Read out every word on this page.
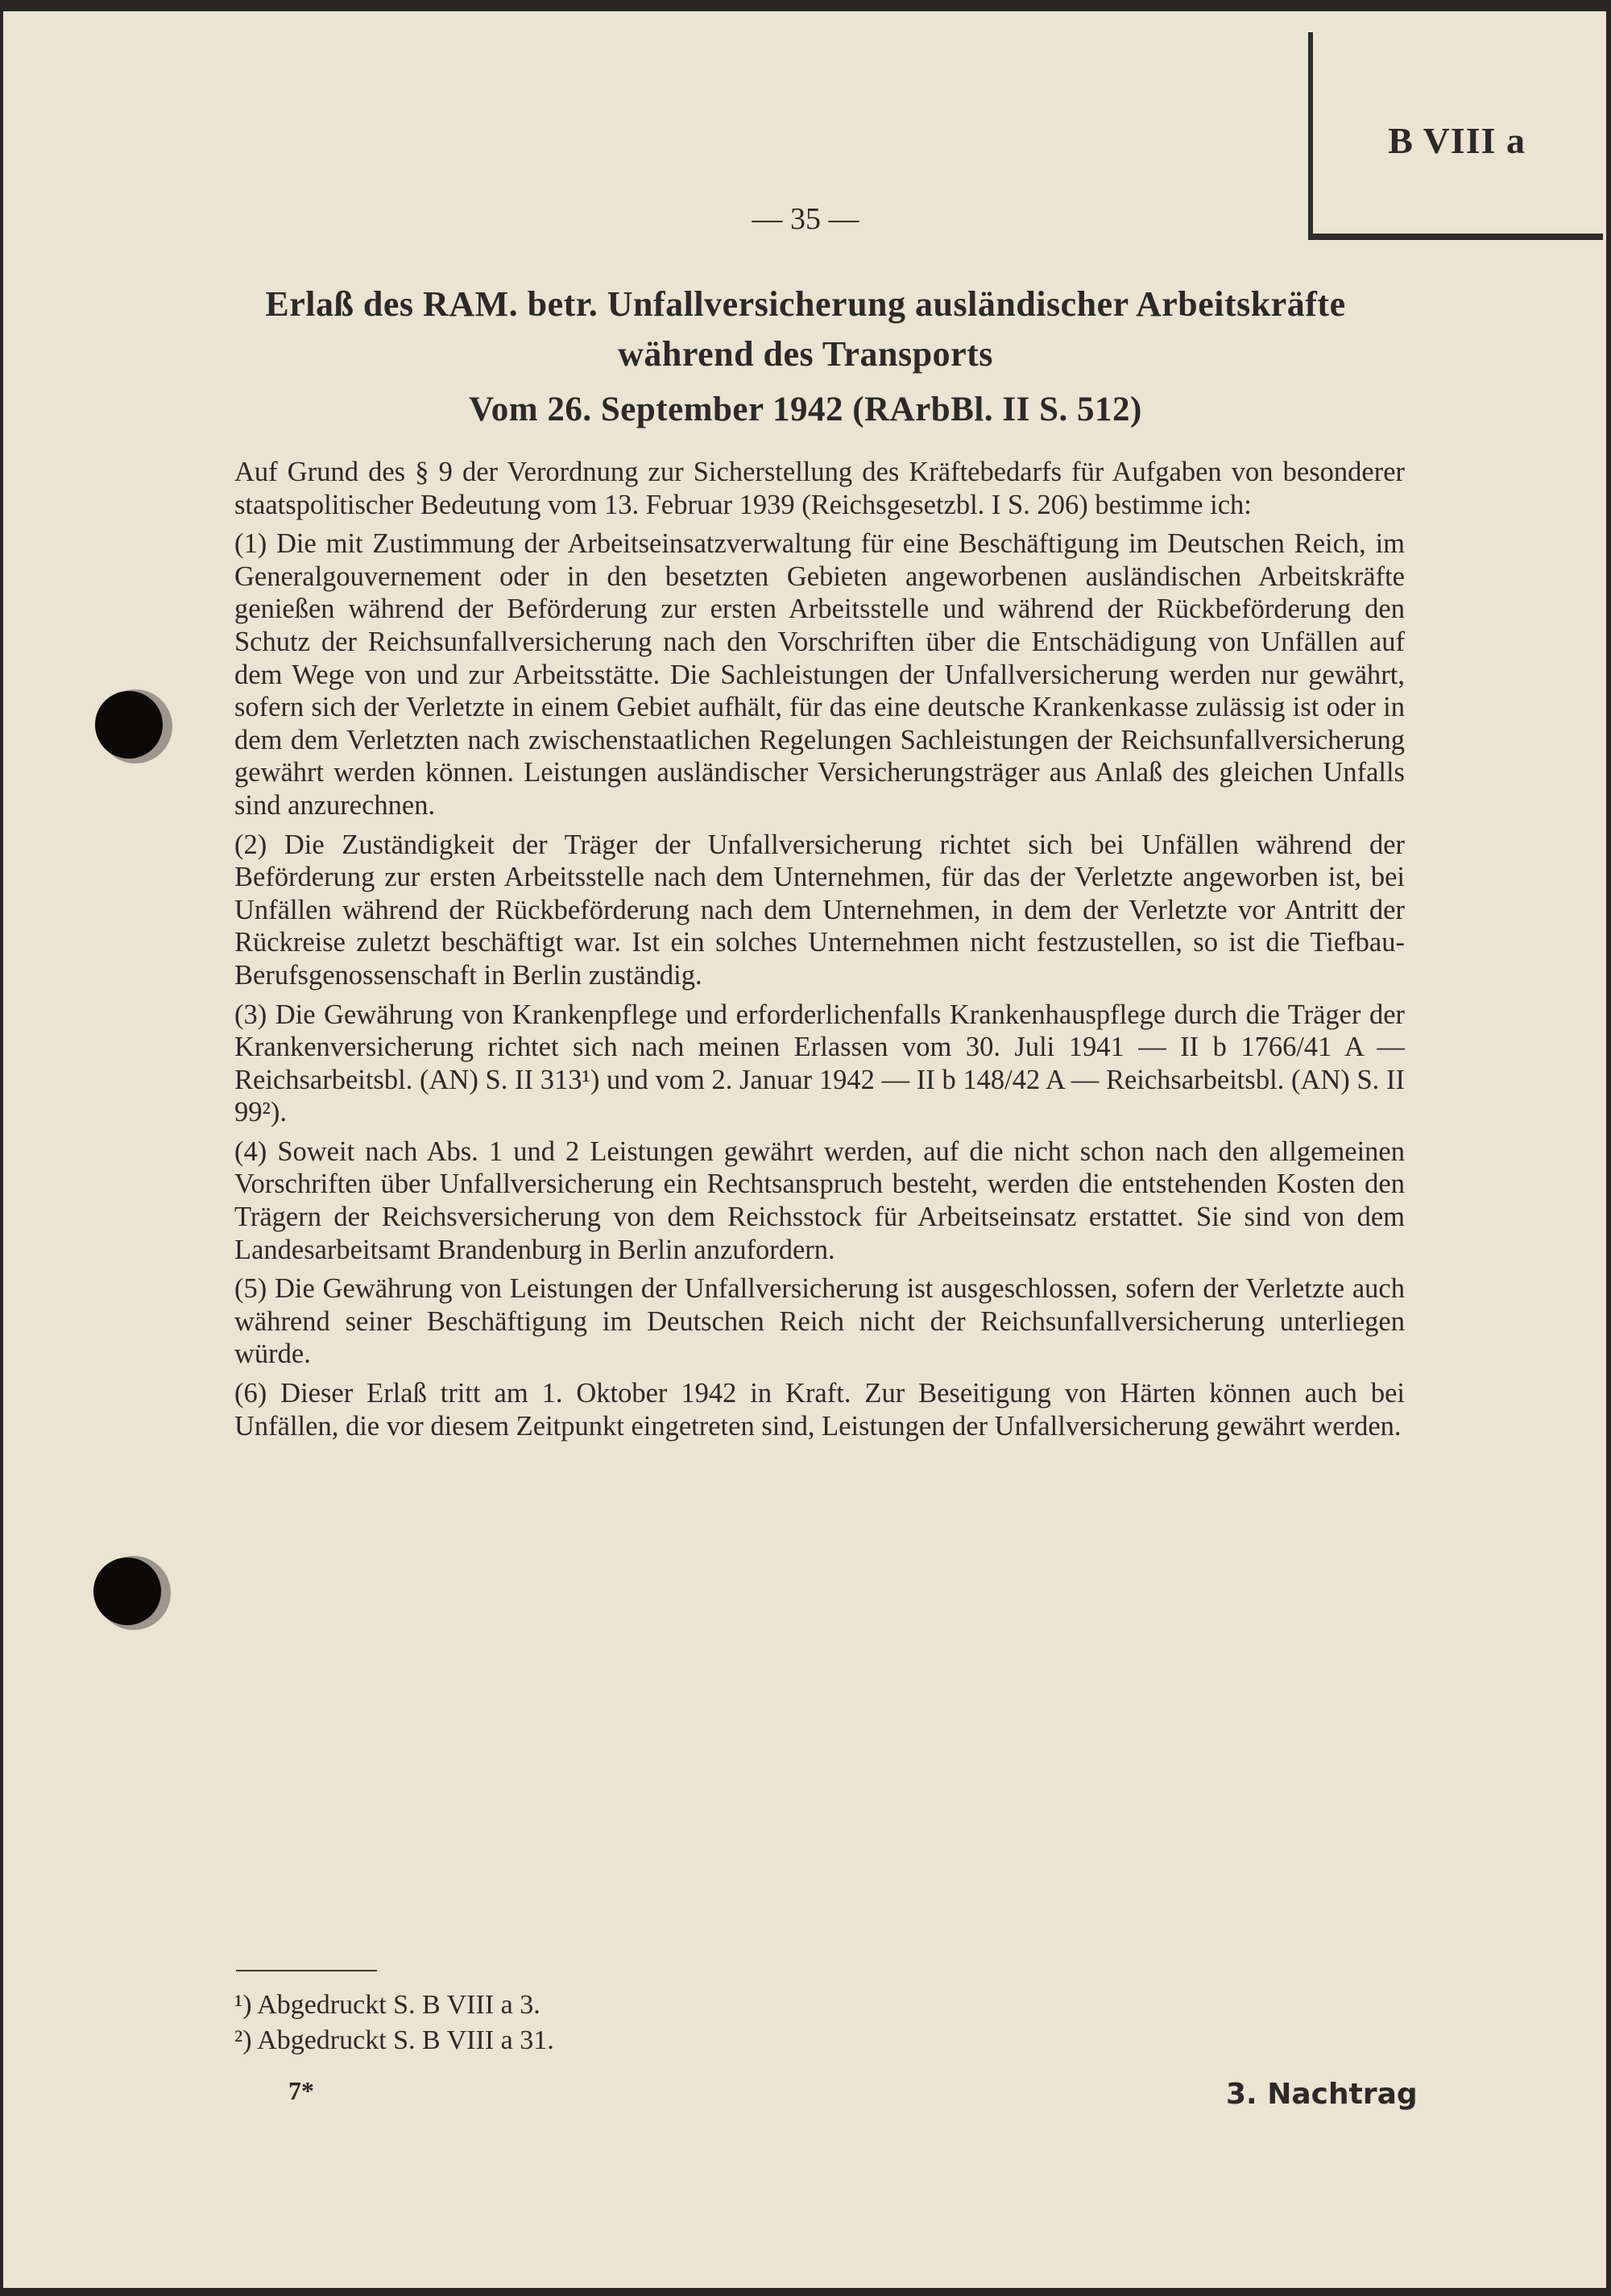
B VIII a
— 35 —
Erlaß des RAM. betr. Unfallversicherung ausländischer Arbeitskräfte
während des Transports
Vom 26. September 1942 (RArbBl. II S. 512)

Auf Grund des § 9 der Verordnung zur Sicherstellung des Kräftebedarfs für Aufgaben von besonderer staatspolitischer Bedeutung vom 13. Februar 1939 (Reichsgesetzbl. I S. 206) bestimme ich:

(1) Die mit Zustimmung der Arbeitseinsatzverwaltung für eine Beschäftigung im Deutschen Reich, im Generalgouvernement oder in den besetzten Gebieten angeworbenen ausländischen Arbeitskräfte genießen während der Beförderung zur ersten Arbeitsstelle und während der Rückbeförderung den Schutz der Reichsunfallversicherung nach den Vorschriften über die Entschädigung von Unfällen auf dem Wege von und zur Arbeitsstätte. Die Sachleistungen der Unfallversicherung werden nur gewährt, sofern sich der Verletzte in einem Gebiet aufhält, für das eine deutsche Krankenkasse zulässig ist oder in dem dem Verletzten nach zwischenstaatlichen Regelungen Sachleistungen der Reichsunfallversicherung gewährt werden können. Leistungen ausländischer Versicherungsträger aus Anlaß des gleichen Unfalls sind anzurechnen.

(2) Die Zuständigkeit der Träger der Unfallversicherung richtet sich bei Unfällen während der Beförderung zur ersten Arbeitsstelle nach dem Unternehmen, für das der Verletzte angeworben ist, bei Unfällen während der Rückbeförderung nach dem Unternehmen, in dem der Verletzte vor Antritt der Rückreise zuletzt beschäftigt war. Ist ein solches Unternehmen nicht festzustellen, so ist die Tiefbau-Berufsgenossenschaft in Berlin zuständig.

(3) Die Gewährung von Krankenpflege und erforderlichenfalls Krankenhauspflege durch die Träger der Krankenversicherung richtet sich nach meinen Erlassen vom 30. Juli 1941 — II b 1766/41 A — Reichsarbeitsbl. (AN) S. II 313¹) und vom 2. Januar 1942 — II b 148/42 A — Reichsarbeitsbl. (AN) S. II 99²).

(4) Soweit nach Abs. 1 und 2 Leistungen gewährt werden, auf die nicht schon nach den allgemeinen Vorschriften über Unfallversicherung ein Rechtsanspruch besteht, werden die entstehenden Kosten den Trägern der Reichsversicherung von dem Reichsstock für Arbeitseinsatz erstattet. Sie sind von dem Landesarbeitsamt Brandenburg in Berlin anzufordern.

(5) Die Gewährung von Leistungen der Unfallversicherung ist ausgeschlossen, sofern der Verletzte auch während seiner Beschäftigung im Deutschen Reich nicht der Reichsunfallversicherung unterliegen würde.

(6) Dieser Erlaß tritt am 1. Oktober 1942 in Kraft. Zur Beseitigung von Härten können auch bei Unfällen, die vor diesem Zeitpunkt eingetreten sind, Leistungen der Unfallversicherung gewährt werden.

¹) Abgedruckt S. B VIII a 3.
²) Abgedruckt S. B VIII a 31.
7*	3. Nachtrag
